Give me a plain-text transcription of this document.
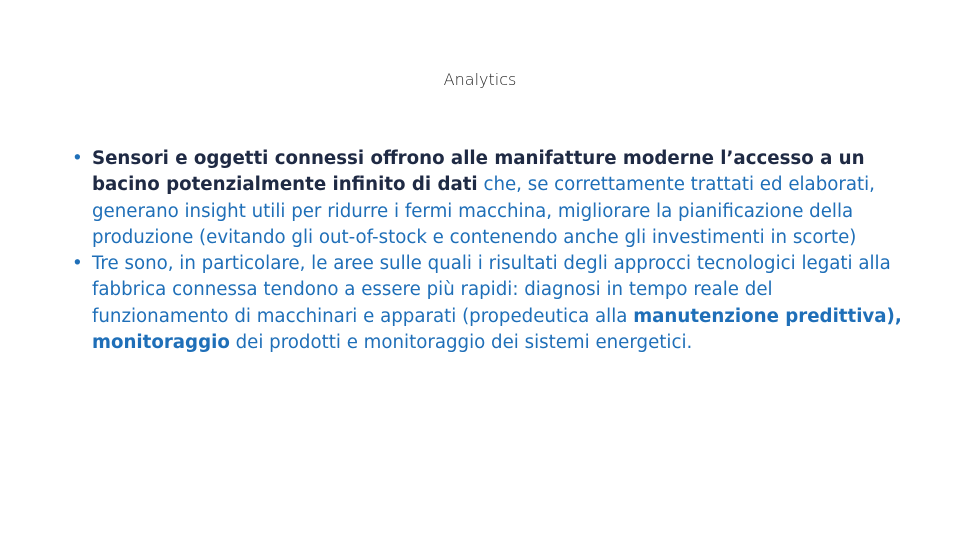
Analytics

• Sensori e oggetti connessi offrono alle manifatture moderne l’accesso a un bacino potenzialmente infinito di dati che, se correttamente trattati ed elaborati, generano insight utili per ridurre i fermi macchina, migliorare la pianificazione della produzione (evitando gli out-of-stock e contenendo anche gli investimenti in scorte)

• Tre sono, in particolare, le aree sulle quali i risultati degli approcci tecnologici legati alla fabbrica connessa tendono a essere più rapidi: diagnosi in tempo reale del funzionamento di macchinari e apparati (propedeutica alla manutenzione predittiva), monitoraggio dei prodotti e monitoraggio dei sistemi energetici.
